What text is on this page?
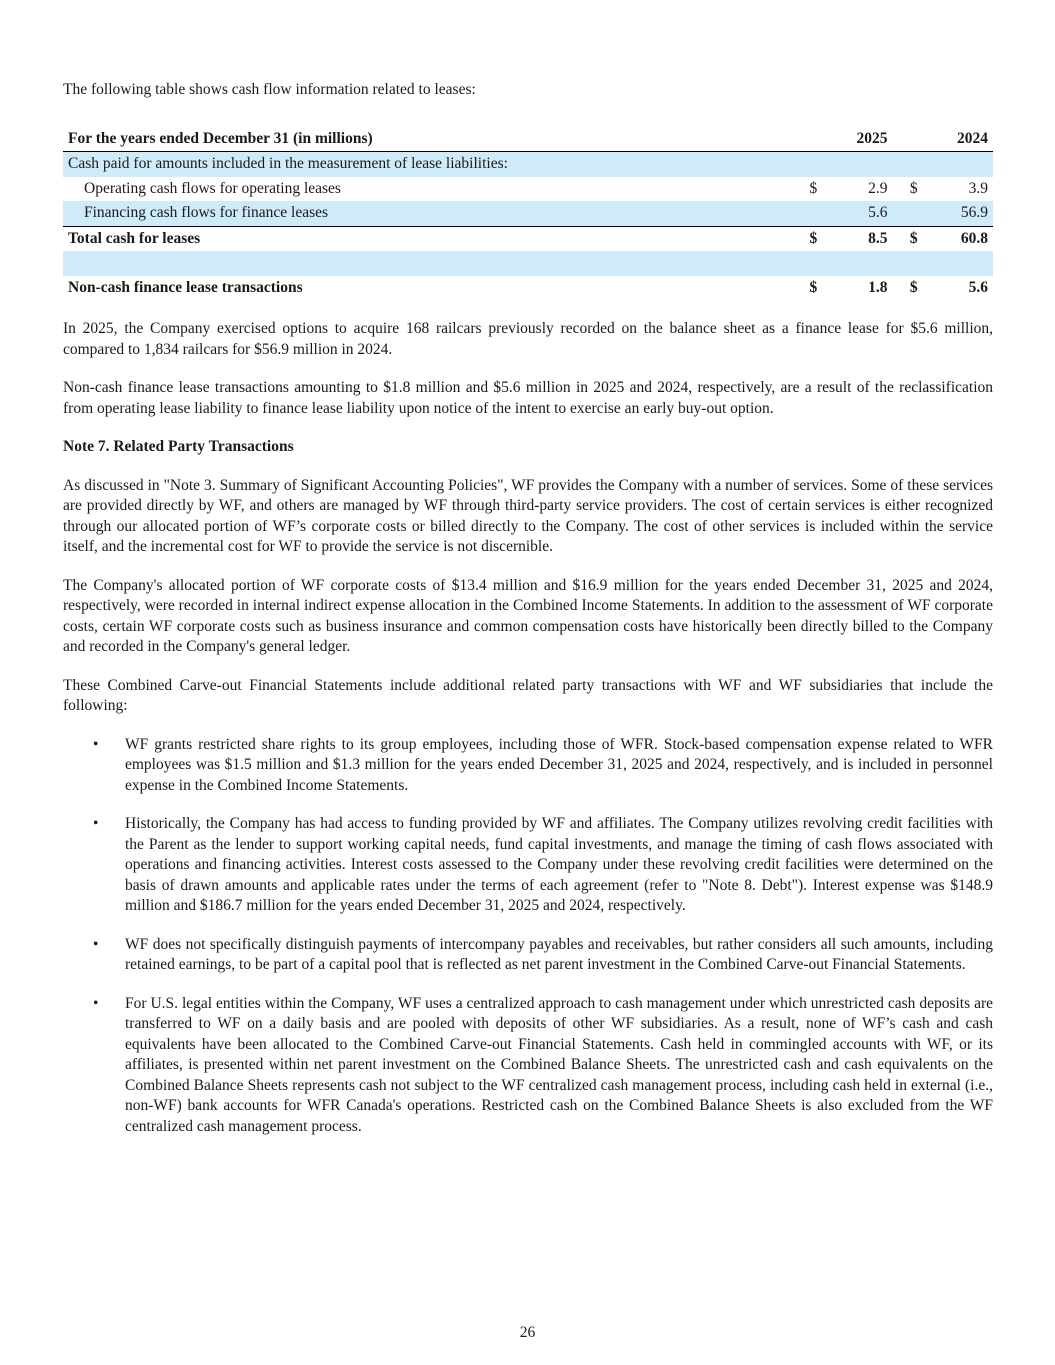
The following table shows cash flow information related to leases:

For the years ended December 31 (in millions)		2025		2024
Cash paid for amounts included in the measurement of lease liabilities:				
Operating cash flows for operating leases	$	2.9	$	3.9
Financing cash flows for finance leases		5.6		56.9
Total cash for leases	$	8.5	$	60.8

Non-cash finance lease transactions	$	1.8	$	5.6

In 2025, the Company exercised options to acquire 168 railcars previously recorded on the balance sheet as a finance lease for $5.6 million, compared to 1,834 railcars for $56.9 million in 2024.

Non-cash finance lease transactions amounting to $1.8 million and $5.6 million in 2025 and 2024, respectively, are a result of the reclassification from operating lease liability to finance lease liability upon notice of the intent to exercise an early buy-out option.

Note 7. Related Party Transactions

As discussed in "Note 3. Summary of Significant Accounting Policies", WF provides the Company with a number of services. Some of these services are provided directly by WF, and others are managed by WF through third-party service providers. The cost of certain services is either recognized through our allocated portion of WF’s corporate costs or billed directly to the Company. The cost of other services is included within the service itself, and the incremental cost for WF to provide the service is not discernible.

The Company's allocated portion of WF corporate costs of $13.4 million and $16.9 million for the years ended December 31, 2025 and 2024, respectively, were recorded in internal indirect expense allocation in the Combined Income Statements. In addition to the assessment of WF corporate costs, certain WF corporate costs such as business insurance and common compensation costs have historically been directly billed to the Company and recorded in the Company's general ledger.

These Combined Carve-out Financial Statements include additional related party transactions with WF and WF subsidiaries that include the following:

• WF grants restricted share rights to its group employees, including those of WFR. Stock-based compensation expense related to WFR employees was $1.5 million and $1.3 million for the years ended December 31, 2025 and 2024, respectively, and is included in personnel expense in the Combined Income Statements.
• Historically, the Company has had access to funding provided by WF and affiliates. The Company utilizes revolving credit facilities with the Parent as the lender to support working capital needs, fund capital investments, and manage the timing of cash flows associated with operations and financing activities. Interest costs assessed to the Company under these revolving credit facilities were determined on the basis of drawn amounts and applicable rates under the terms of each agreement (refer to "Note 8. Debt"). Interest expense was $148.9 million and $186.7 million for the years ended December 31, 2025 and 2024, respectively.
• WF does not specifically distinguish payments of intercompany payables and receivables, but rather considers all such amounts, including retained earnings, to be part of a capital pool that is reflected as net parent investment in the Combined Carve-out Financial Statements.
• For U.S. legal entities within the Company, WF uses a centralized approach to cash management under which unrestricted cash deposits are transferred to WF on a daily basis and are pooled with deposits of other WF subsidiaries. As a result, none of WF’s cash and cash equivalents have been allocated to the Combined Carve-out Financial Statements. Cash held in commingled accounts with WF, or its affiliates, is presented within net parent investment on the Combined Balance Sheets. The unrestricted cash and cash equivalents on the Combined Balance Sheets represents cash not subject to the WF centralized cash management process, including cash held in external (i.e., non-WF) bank accounts for WFR Canada's operations. Restricted cash on the Combined Balance Sheets is also excluded from the WF centralized cash management process.
26
